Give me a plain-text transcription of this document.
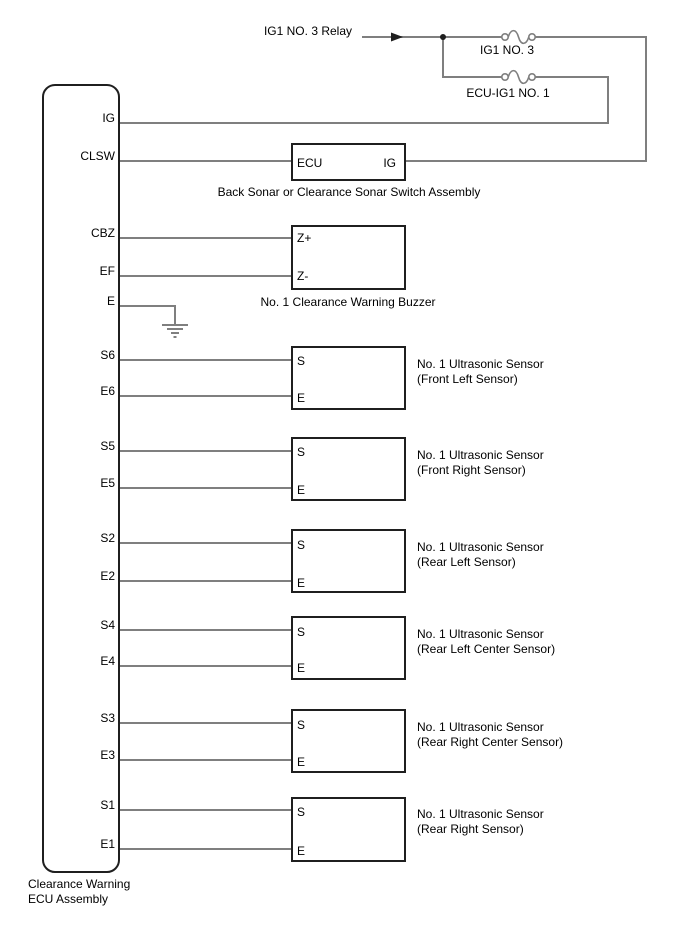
IG1 NO. 3 Relay
IG1 NO. 3
ECU-IG1 NO. 1
IG
CLSW
CBZ
EF
E
S6
E6
S5
E5
S2
E2
S4
E4
S3
E3
S1
E1
Clearance Warning
ECU Assembly
ECU	IG
Back Sonar or Clearance Sonar Switch Assembly
Z+
Z-
No. 1 Clearance Warning Buzzer
S
E
No. 1 Ultrasonic Sensor
(Front Left Sensor)
S
E
No. 1 Ultrasonic Sensor
(Front Right Sensor)
S
E
No. 1 Ultrasonic Sensor
(Rear Left Sensor)
S
E
No. 1 Ultrasonic Sensor
(Rear Left Center Sensor)
S
E
No. 1 Ultrasonic Sensor
(Rear Right Center Sensor)
S
E
No. 1 Ultrasonic Sensor
(Rear Right Sensor)
